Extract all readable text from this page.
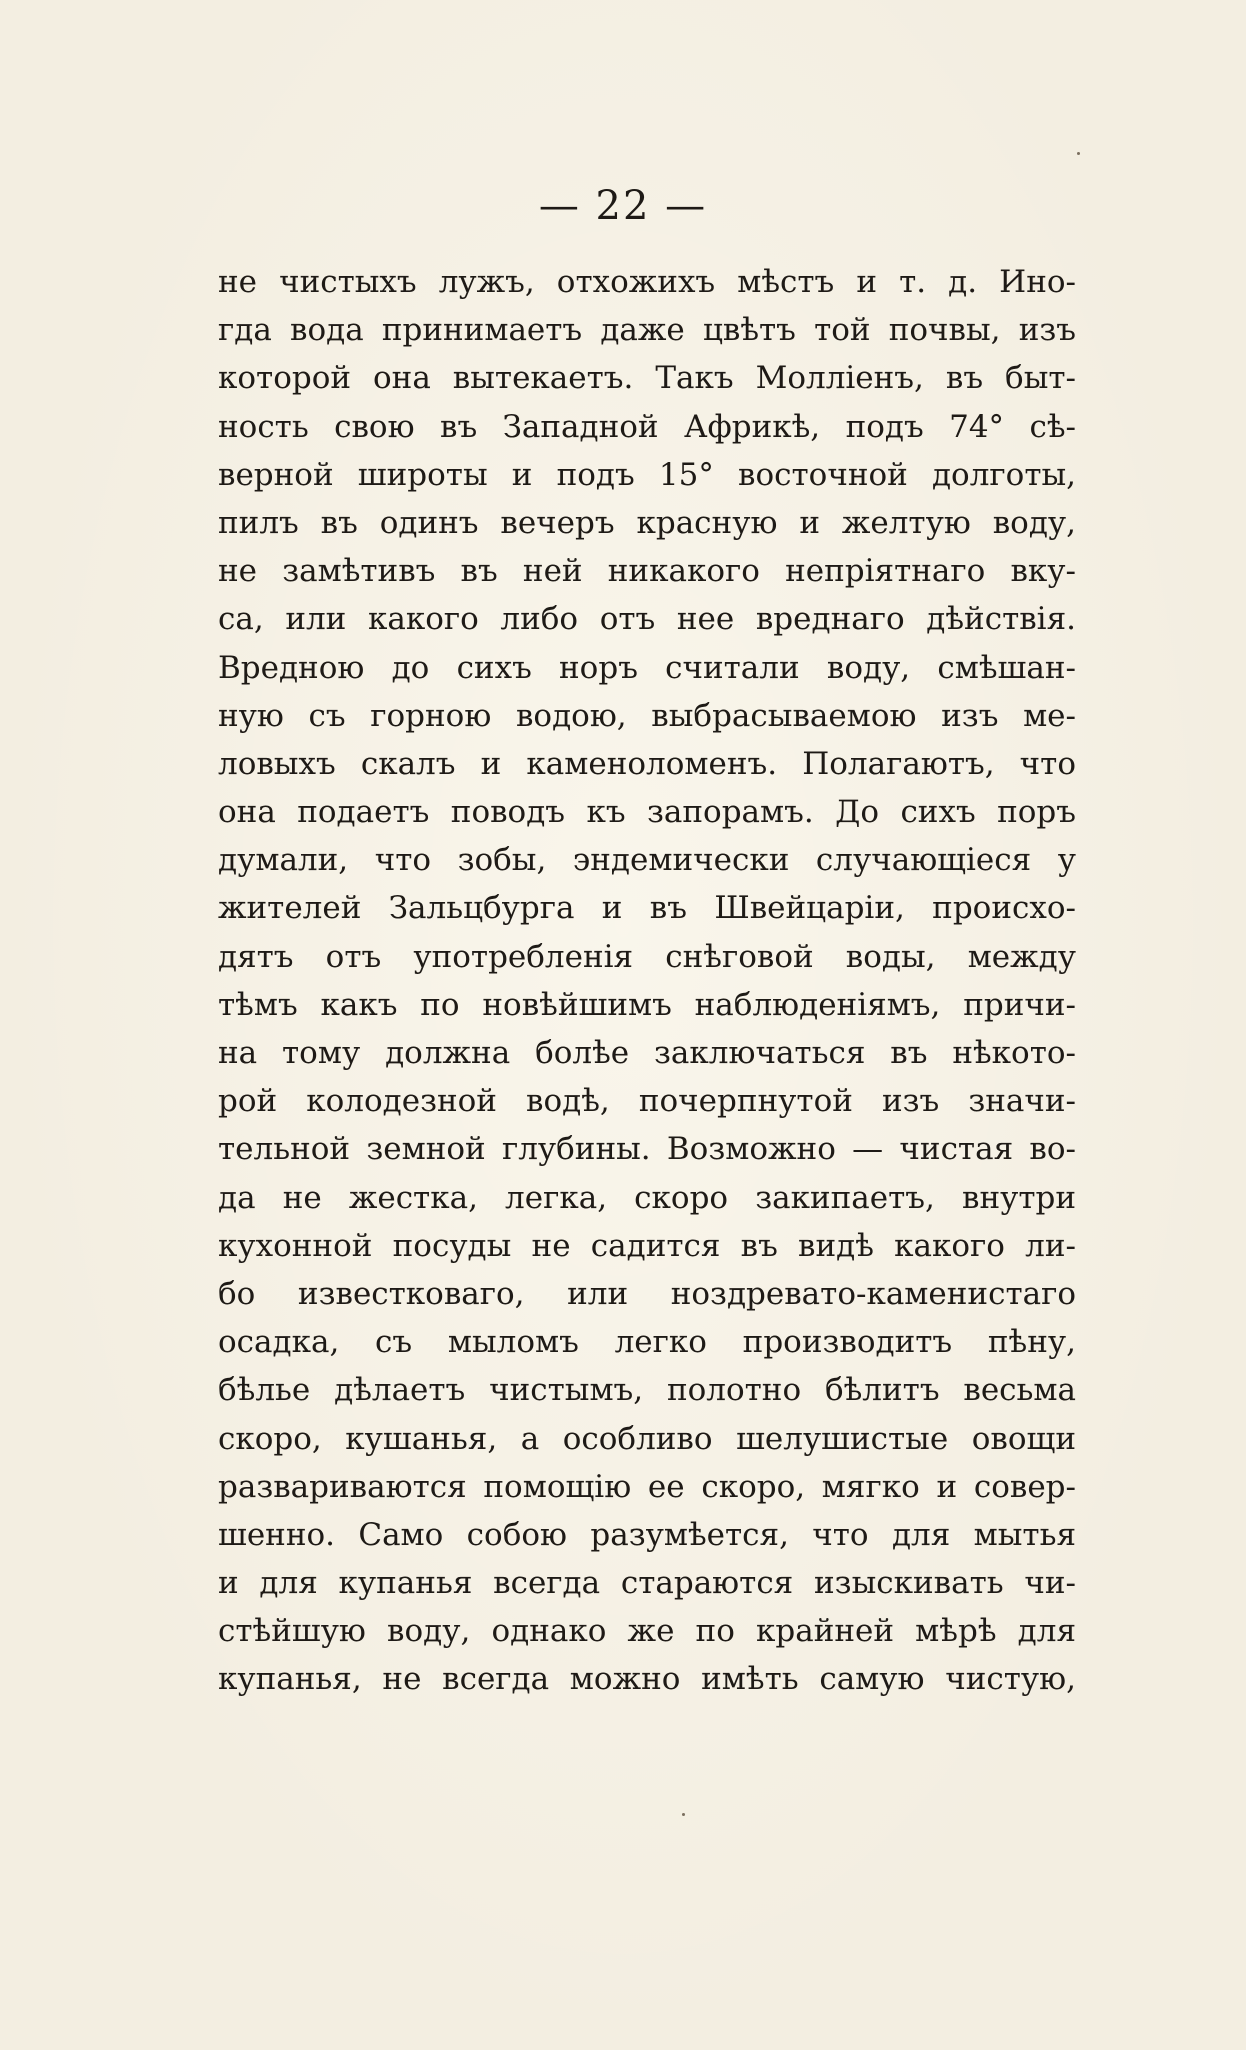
— 22 —
не чистыхъ лужъ, отхожихъ мѣстъ и т. д. Ино-
гда вода принимаетъ даже цвѣтъ той почвы, изъ
которой она вытекаетъ. Такъ Молліенъ, въ быт-
ность свою въ Западной Африкѣ, подъ 74° сѣ-
верной широты и подъ 15° восточной долготы,
пилъ въ одинъ вечеръ красную и желтую воду,
не замѣтивъ въ ней никакого непріятнаго вку-
са, или какого либо отъ нее вреднаго дѣйствія.
Вредною до сихъ норъ считали воду, смѣшан-
ную съ горною водою, выбрасываемою изъ ме-
ловыхъ скалъ и каменоломенъ. Полагаютъ, что
она подаетъ поводъ къ запорамъ. До сихъ поръ
думали, что зобы, эндемически случающіеся у
жителей Зальцбурга и въ Швейцаріи, происхо-
дятъ отъ употребленія снѣговой воды, между
тѣмъ какъ по новѣйшимъ наблюденіямъ, причи-
на тому должна болѣе заключаться въ нѣкото-
рой колодезной водѣ, почерпнутой изъ значи-
тельной земной глубины. Возможно — чистая во-
да не жестка, легка, скоро закипаетъ, внутри
кухонной посуды не садится въ видѣ какого ли-
бо известковаго, или ноздревато-каменистаго
осадка, съ мыломъ легко производитъ пѣну,
бѣлье дѣлаетъ чистымъ, полотно бѣлитъ весьма
скоро, кушанья, а особливо шелушистые овощи
развариваются помощію ее скоро, мягко и совер-
шенно. Само собою разумѣется, что для мытья
и для купанья всегда стараются изыскивать чи-
стѣйшую воду, однако же по крайней мѣрѣ для
купанья, не всегда можно имѣть самую чистую,
